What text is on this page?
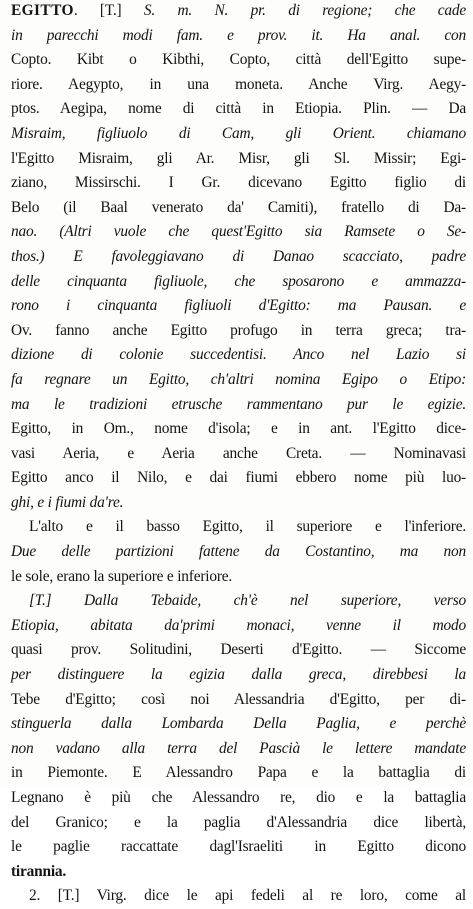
EGITTO. [T.] S. m. N. pr. di regione; che cade
in parecchi modi fam. e prov. it. Ha anal. con
Copto. Kibt o Kibthi, Copto, città dell'Egitto supe-
riore. Aegypto, in una moneta. Anche Virg. Aegy-
ptos. Aegipa, nome di città in Etiopia. Plin. — Da
Misraim, figliuolo di Cam, gli Orient. chiamano
l'Egitto Misraim, gli Ar. Misr, gli Sl. Missir; Egi-
ziano, Missirschi. I Gr. dicevano Egitto figlio di
Belo (il Baal venerato da' Camiti), fratello di Da-
nao. (Altri vuole che quest'Egitto sia Ramsete o Se-
thos.) E favoleggiavano di Danao scacciato, padre
delle cinquanta figliuole, che sposarono e ammazza-
rono i cinquanta figliuoli d'Egitto: ma Pausan. e
Ov. fanno anche Egitto profugo in terra greca; tra-
dizione di colonie succedentisi. Anco nel Lazio si
fa regnare un Egitto, ch'altri nomina Egipo o Etipo:
ma le tradizioni etrusche rammentano pur le egizie.
Egitto, in Om., nome d'isola; e in ant. l'Egitto dice-
vasi Aeria, e Aeria anche Creta. — Nominavasi
Egitto anco il Nilo, e dai fiumi ebbero nome più luo-
ghi, e i fiumi da're.
L'alto e il basso Egitto, il superiore e l'inferiore.
Due delle partizioni fattene da Costantino, ma non
le sole, erano la superiore e inferiore.
[T.] Dalla Tebaide, ch'è nel superiore, verso
Etiopia, abitata da'primi monaci, venne il modo
quasi prov. Solitudini, Deserti d'Egitto. — Siccome
per distinguere la egizia dalla greca, direbbesi la
Tebe d'Egitto; così noi Alessandria d'Egitto, per di-
stinguerla dalla Lombarda Della Paglia, e perchè
non vadano alla terra del Pascià le lettere mandate
in Piemonte. E Alessandro Papa e la battaglia di
Legnano è più che Alessandro re, dio e la battaglia
del Granico; e la paglia d'Alessandria dice libertà,
le paglie raccattate dagl'Israeliti in Egitto dicono
tirannia.
2. [T.] Virg. dice le api fedeli al re loro, come al
